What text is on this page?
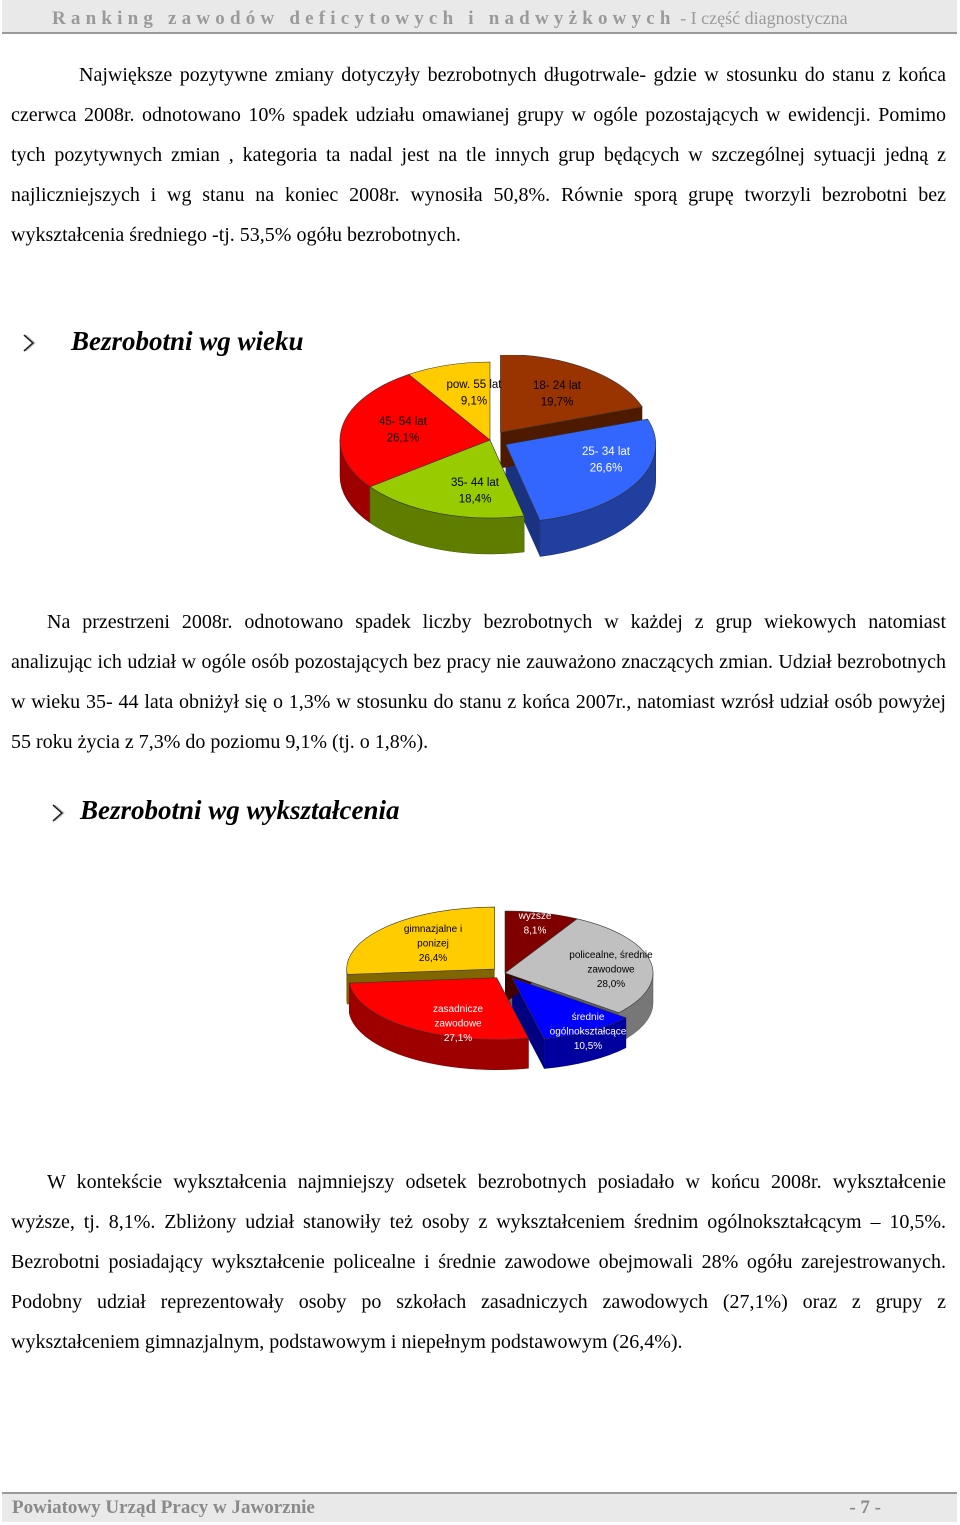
Ranking zawodów deficytowych i nadwyżkowych - I część diagnostyczna

Największe pozytywne zmiany dotyczyły bezrobotnych długotrwale- gdzie w stosunku do stanu z końca czerwca 2008r. odnotowano 10% spadek udziału omawianej grupy w ogóle pozostających w ewidencji. Pomimo tych pozytywnych zmian , kategoria ta nadal jest na tle innych grup będących w szczególnej sytuacji jedną z najliczniejszych i wg stanu na koniec 2008r. wynosiła 50,8%. Równie sporą grupę tworzyli bezrobotni bez wykształcenia średniego -tj. 53,5% ogółu bezrobotnych.

Bezrobotni wg wieku
18- 24 lat
19,7%
25- 34 lat
26,6%
35- 44 lat
18,4%
45- 54 lat
26,1%
pow. 55 lat
9,1%

Na przestrzeni 2008r. odnotowano spadek liczby bezrobotnych w każdej z grup wiekowych natomiast analizując ich udział w ogóle osób pozostających bez pracy nie zauważono znaczących zmian. Udział bezrobotnych w wieku 35- 44 lata obniżył się o 1,3% w stosunku do stanu z końca 2007r., natomiast wzrósł udział osób powyżej 55 roku życia z 7,3% do poziomu 9,1% (tj. o 1,8%).

Bezrobotni wg wykształcenia
wyższe
8,1%
policealne, średnie
zawodowe
28,0%
średnie
ogólnokształcące
10,5%
zasadnicze
zawodowe
27,1%
gimnazjalne i
ponizej
26,4%

W kontekście wykształcenia najmniejszy odsetek bezrobotnych posiadało w końcu 2008r. wykształcenie wyższe, tj. 8,1%. Zbliżony udział stanowiły też osoby z wykształceniem średnim ogólnokształcącym – 10,5%. Bezrobotni posiadający wykształcenie policealne i średnie zawodowe obejmowali 28% ogółu zarejestrowanych. Podobny udział reprezentowały osoby po szkołach zasadniczych zawodowych (27,1%) oraz z grupy z wykształceniem gimnazjalnym, podstawowym i niepełnym podstawowym (26,4%).

Powiatowy Urząd Pracy w Jaworznie	- 7 -
